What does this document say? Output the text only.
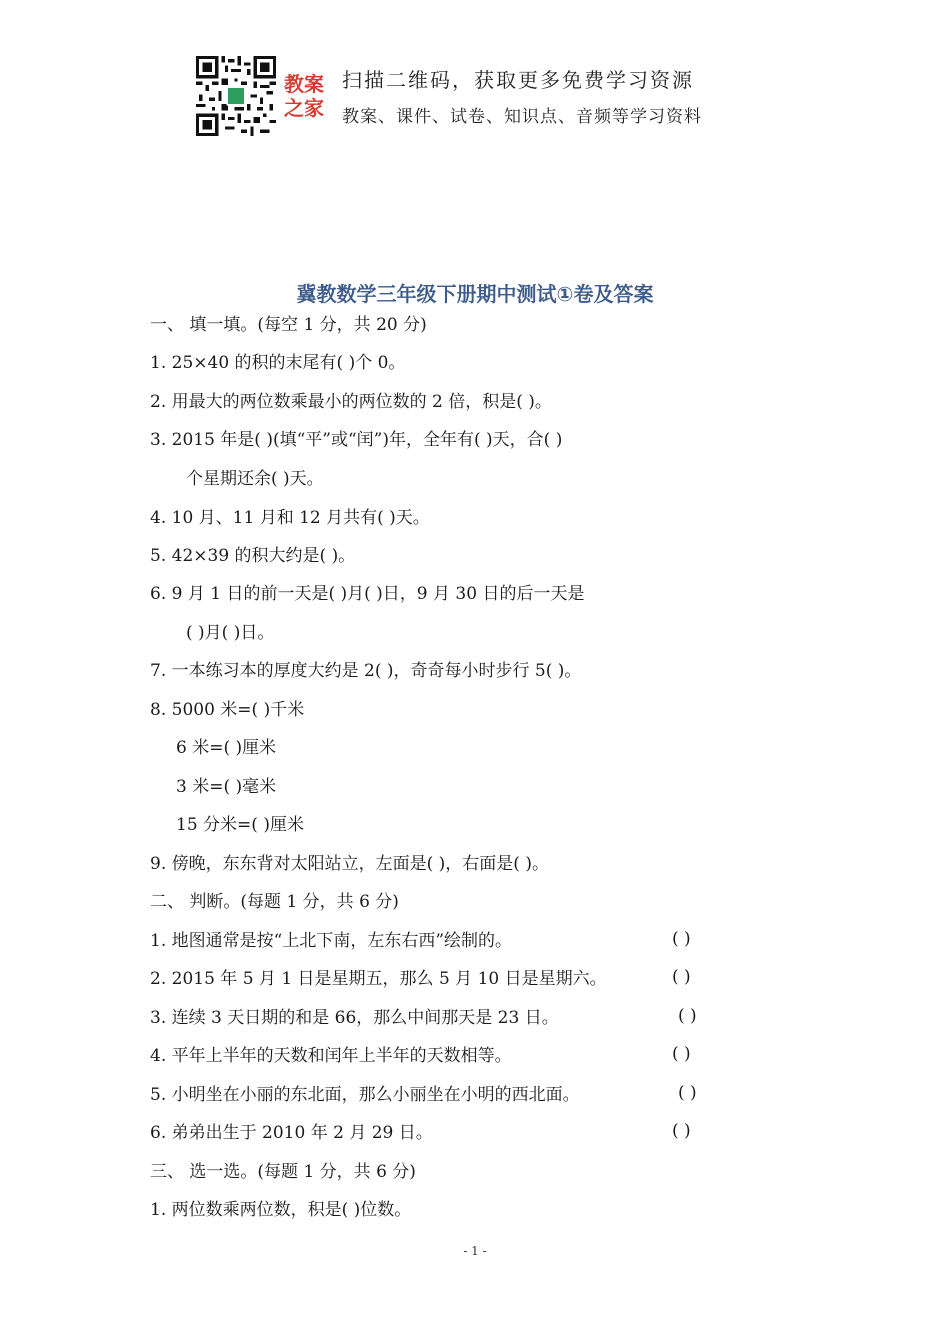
教案
之家
扫描二维码，获取更多免费学习资源
教案、课件、试卷、知识点、音频等学习资料
冀教数学三年级下册期中测试①卷及答案
一、 填一填。(每空 1 分，共 20 分)
1. 25×40 的积的末尾有( )个 0。
2. 用最大的两位数乘最小的两位数的 2 倍，积是( )。
3. 2015 年是( )(填“平”或“闰”)年，全年有( )天，合( )
个星期还余( )天。
4. 10 月、11 月和 12 月共有( )天。
5. 42×39 的积大约是( )。
6. 9 月 1 日的前一天是( )月( )日，9 月 30 日的后一天是
( )月( )日。
7. 一本练习本的厚度大约是 2( )，奇奇每小时步行 5( )。
8. 5000 米=( )千米
6 米=( )厘米
3 米=( )毫米
15 分米=( )厘米
9. 傍晚，东东背对太阳站立，左面是( )，右面是( )。
二、 判断。(每题 1 分，共 6 分)
1. 地图通常是按“上北下南，左东右西”绘制的。	( )
2. 2015 年 5 月 1 日是星期五，那么 5 月 10 日是星期六。	( )
3. 连续 3 天日期的和是 66，那么中间那天是 23 日。	( )
4. 平年上半年的天数和闰年上半年的天数相等。	( )
5. 小明坐在小丽的东北面，那么小丽坐在小明的西北面。	( )
6. 弟弟出生于 2010 年 2 月 29 日。	( )
三、 选一选。(每题 1 分，共 6 分)
1. 两位数乘两位数，积是( )位数。
- 1 -
